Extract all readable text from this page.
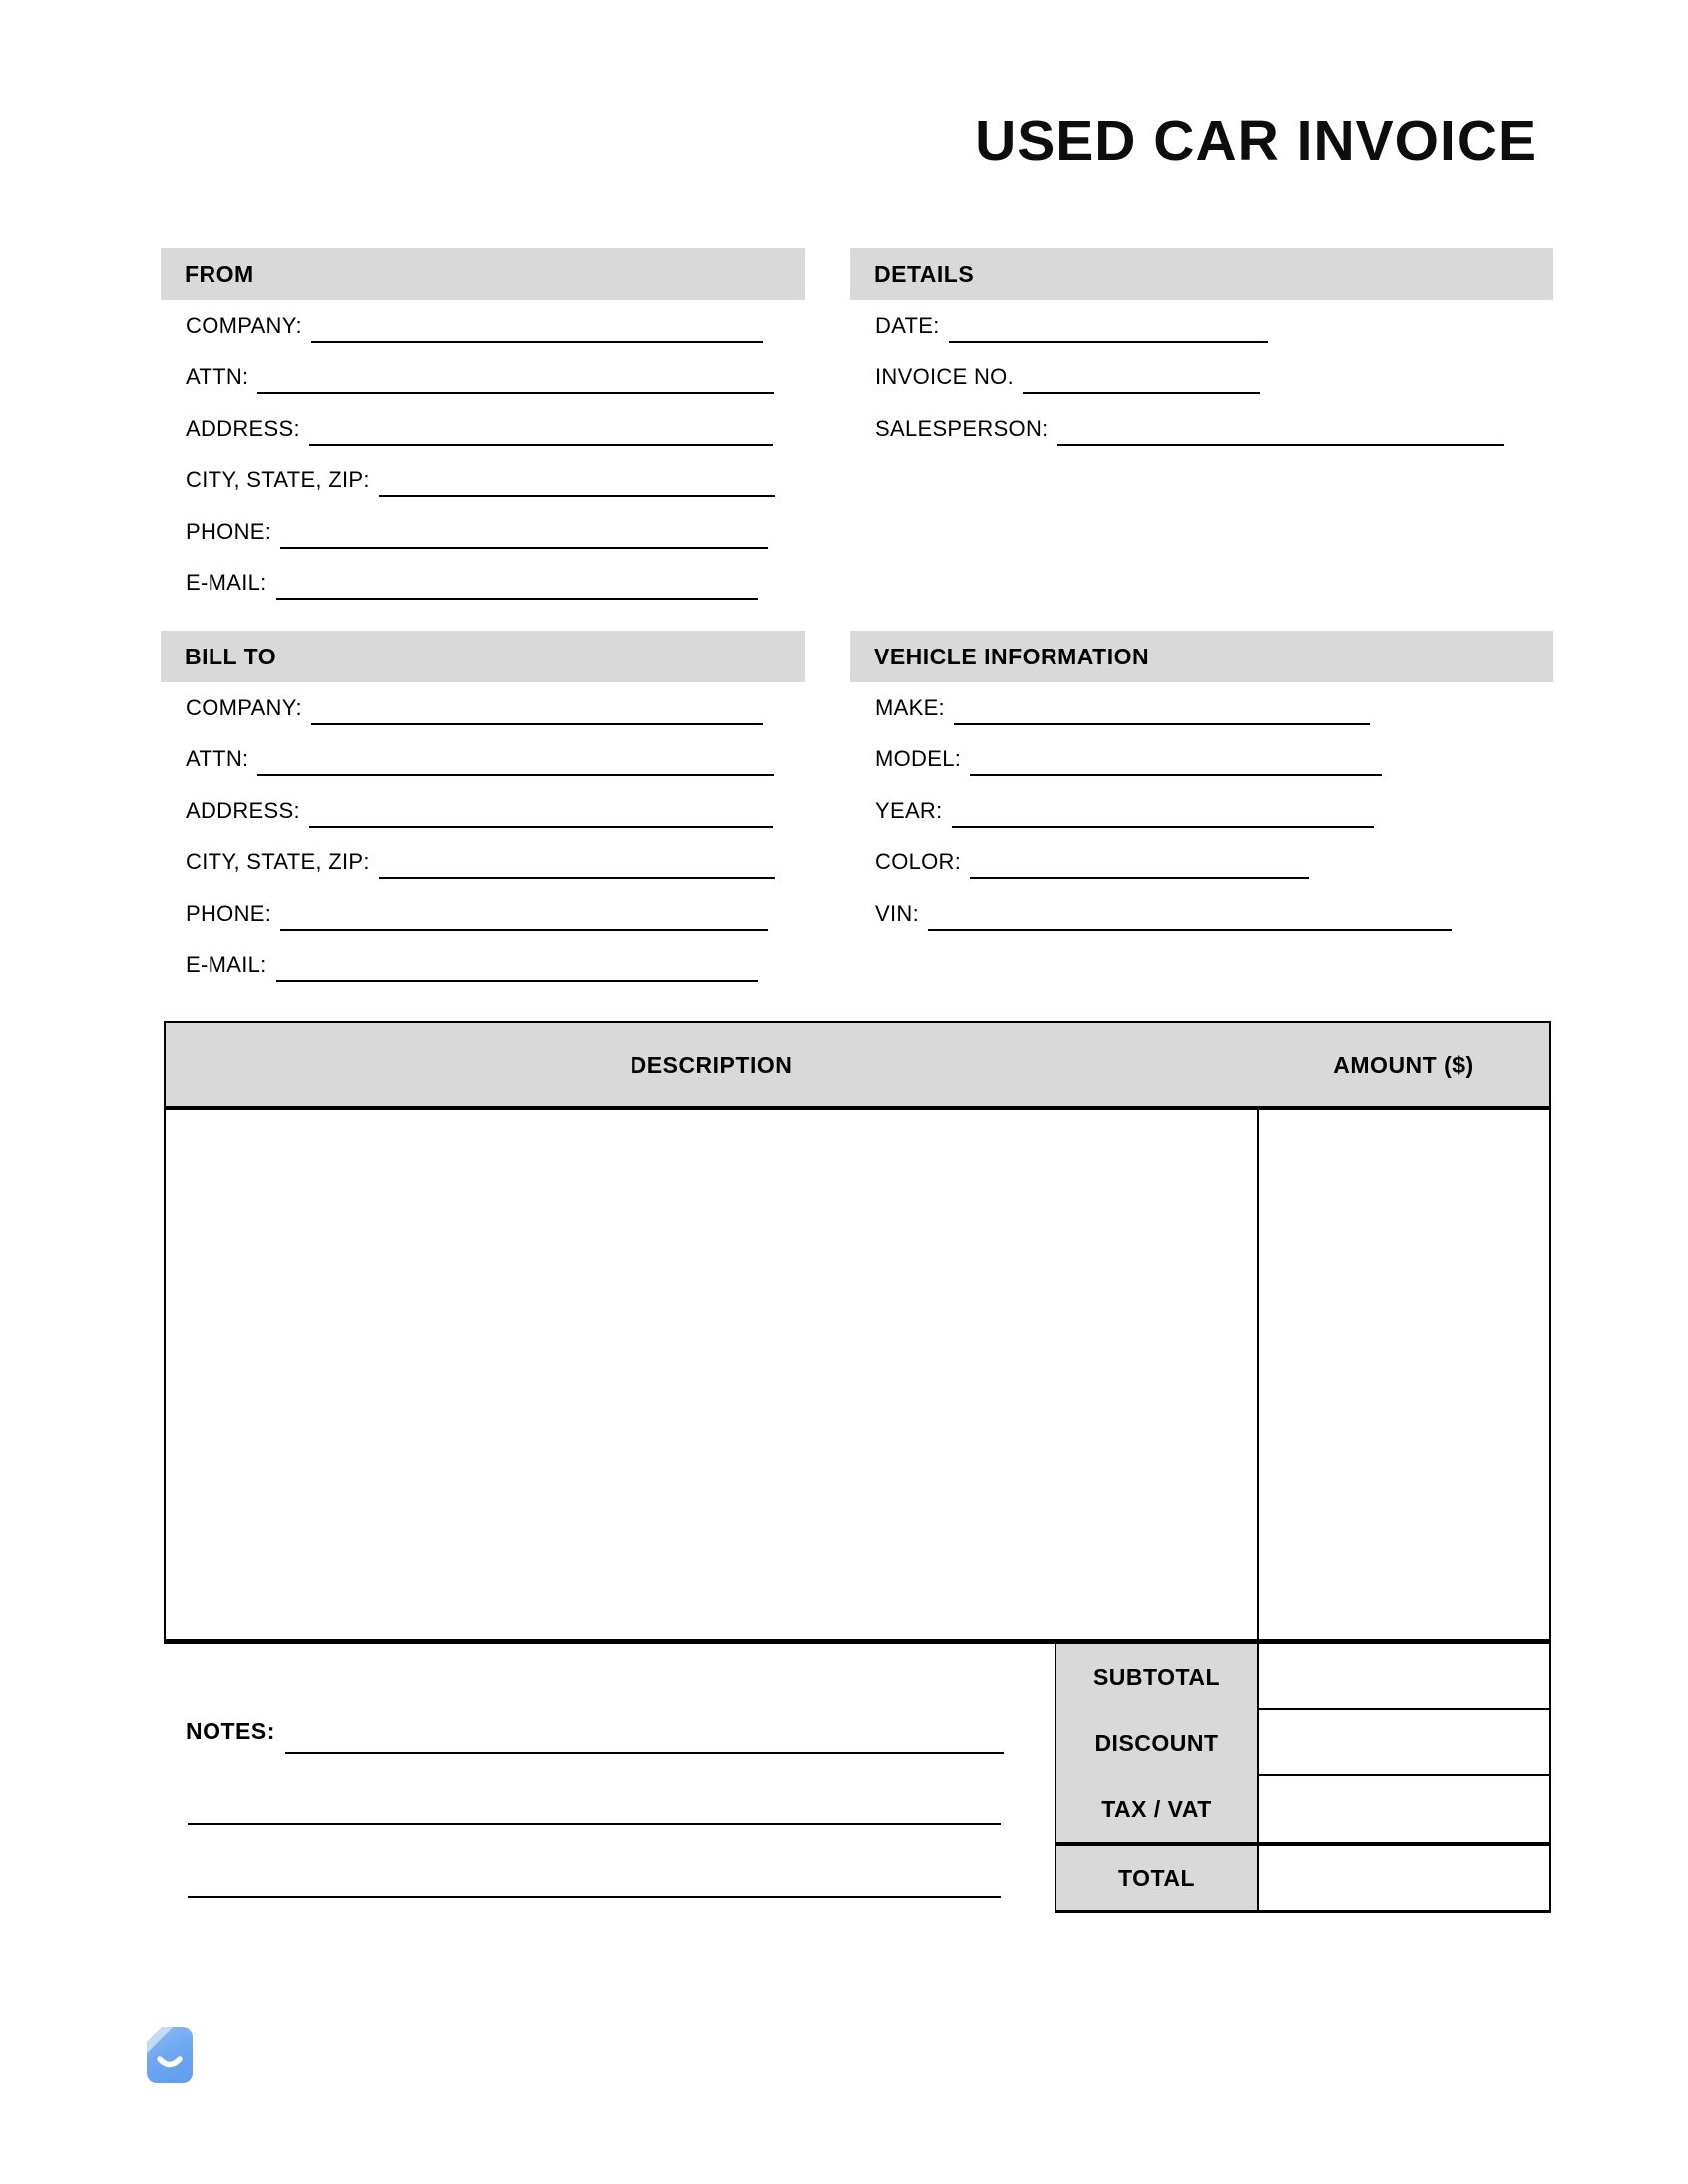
USED CAR INVOICE
FROM
COMPANY:
ATTN:
ADDRESS:
CITY, STATE, ZIP:
PHONE:
E-MAIL:
DETAILS
DATE:
INVOICE NO.
SALESPERSON:
BILL TO
COMPANY:
ATTN:
ADDRESS:
CITY, STATE, ZIP:
PHONE:
E-MAIL:
VEHICLE INFORMATION
MAKE:
MODEL:
YEAR:
COLOR:
VIN:
DESCRIPTION	AMOUNT ($)
SUBTOTAL
DISCOUNT
TAX / VAT
TOTAL
NOTES:
